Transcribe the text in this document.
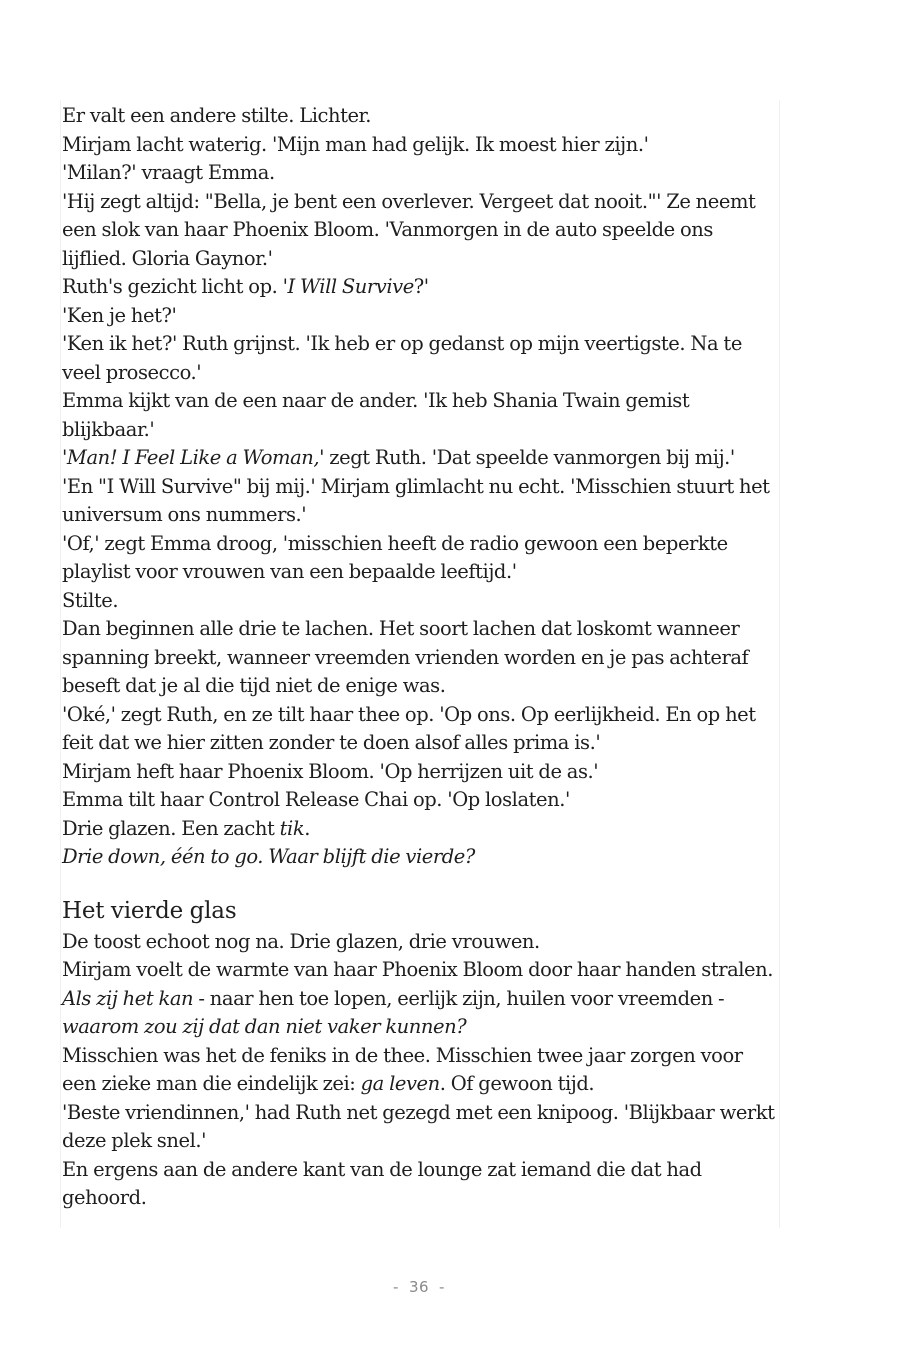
Er valt een andere stilte. Lichter.

Mirjam lacht waterig. 'Mijn man had gelijk. Ik moest hier zijn.'

'Milan?' vraagt Emma.

'Hij zegt altijd: "Bella, je bent een overlever. Vergeet dat nooit."' Ze neemt een slok van haar Phoenix Bloom. 'Vanmorgen in de auto speelde ons lijflied. Gloria Gaynor.'

Ruth's gezicht licht op. 'I Will Survive?'

'Ken je het?'

'Ken ik het?' Ruth grijnst. 'Ik heb er op gedanst op mijn veertigste. Na te veel prosecco.'

Emma kijkt van de een naar de ander. 'Ik heb Shania Twain gemist blijkbaar.'

'Man! I Feel Like a Woman,' zegt Ruth. 'Dat speelde vanmorgen bij mij.'

'En "I Will Survive" bij mij.' Mirjam glimlacht nu echt. 'Misschien stuurt het universum ons nummers.'

'Of,' zegt Emma droog, 'misschien heeft de radio gewoon een beperkte playlist voor vrouwen van een bepaalde leeftijd.'

Stilte.

Dan beginnen alle drie te lachen. Het soort lachen dat loskomt wanneer spanning breekt, wanneer vreemden vrienden worden en je pas achteraf beseft dat je al die tijd niet de enige was.

'Oké,' zegt Ruth, en ze tilt haar thee op. 'Op ons. Op eerlijkheid. En op het feit dat we hier zitten zonder te doen alsof alles prima is.'

Mirjam heft haar Phoenix Bloom. 'Op herrijzen uit de as.'

Emma tilt haar Control Release Chai op. 'Op loslaten.'

Drie glazen. Een zacht tik.

Drie down, één to go. Waar blijft die vierde?

Het vierde glas

De toost echoot nog na. Drie glazen, drie vrouwen.

Mirjam voelt de warmte van haar Phoenix Bloom door haar handen stralen. Als zij het kan - naar hen toe lopen, eerlijk zijn, huilen voor vreemden - waarom zou zij dat dan niet vaker kunnen?

Misschien was het de feniks in de thee. Misschien twee jaar zorgen voor een zieke man die eindelijk zei: ga leven. Of gewoon tijd.

'Beste vriendinnen,' had Ruth net gezegd met een knipoog. 'Blijkbaar werkt deze plek snel.'

En ergens aan de andere kant van de lounge zat iemand die dat had gehoord.

- 36 -
